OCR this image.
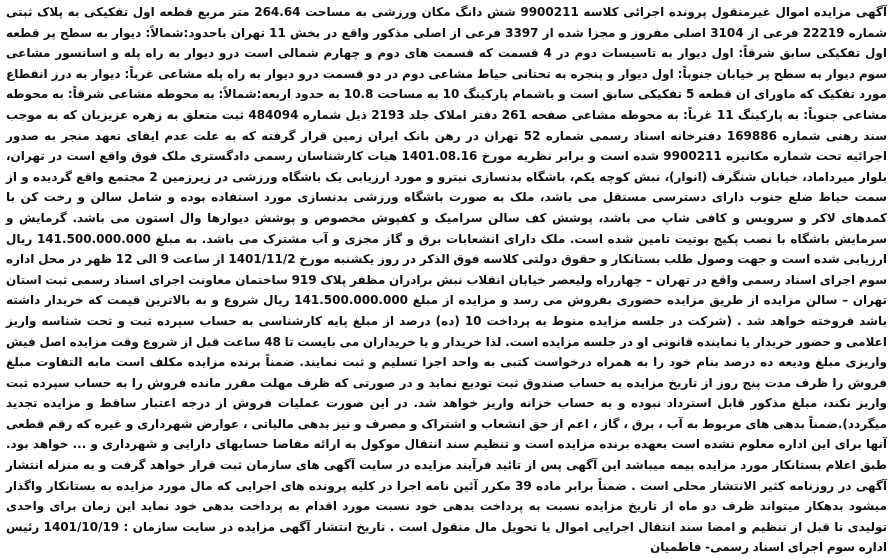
آگهی مزایده اموال غیرمنقول پرونده اجرائی کلاسه 9900211 شش دانگ مکان ورزشی به مساحت 264.64 متر مربع قطعه اول تفکیکی به پلاک ثبتی شماره 22219 فرعی از 3104 اصلی مفروز و مجزا شده از 3397 فرعی از اصلی مذکور واقع در بخش 11 تهران باحدود:شمالاً: دیوار به سطح پر قطعه اول تفکیکی سابق شرقاً: اول دیوار به تاسیسات دوم در 4 قسمت که قسمت های دوم و چهارم شمالی است درو دیوار به راه پله و اسانسور مشاعی سوم دیوار به سطح پر خیابان جنوباً: اول دیوار و پنجره به تحتانی حیاط مشاعی دوم در دو قسمت درو دیوار به راه پله مشاعی غرباً: دیوار به درز انقطاع مورد تفکیک که ماورای ان قطعه 5 تفکیکی سابق است و باشمام پارکینگ 10 به مساحت 10.8 به حدود اربعه:شمالاً: به محوطه مشاعی شرقاً: به محوطه مشاعی جنوباً: به پارکینگ 11 غرباً: به محوطه مشاعی صفحه 261 دفتر املاک جلد 2193 ذیل شماره 484094 ثبت متعلق به زهره عزیزیان که به موجب سند رهنی شماره 169886 دفترخانه اسناد رسمی شماره 52 تهران در رهن بانک ایران زمین قرار گرفته که به علت عدم ایفای تعهد منجر به صدور اجرائیه تحت شماره مکانیزه 9900211 شده است و برابر نظریه مورخ 1401.08.16 هیات کارشناسان رسمی دادگستری ملک فوق واقع است در تهران، بلوار میرداماد، خیابان شنگرف (انوار)، نبش کوچه یکم، باشگاه بدنسازی نیترو و مورد ارزیابی یک باشگاه ورزشی در زیرزمین 2 مجتمع واقع گردیده و از سمت حیاط ضلع جنوب دارای دسترسی مستقل می باشد، ملک به صورت باشگاه ورزشی بدنسازی مورد استفاده بوده و شامل سالن و رخت کن با کمدهای لاکر و سرویس و کافی شاپ می باشد، پوشش کف سالن سرامیک و کفپوش مخصوص و پوشش دیوارها وال استون می باشد. گرمایش و سرمایش باشگاه با نصب پکیج بوتیت تامین شده است. ملک دارای انشعابات برق و گاز مجزی و آب مشترک می باشد. به مبلغ 141.500.000.000 ریال ارزیابی شده است و جهت وصول طلب بستانکار و حقوق دولتی کلاسه فوق الذکر در روز یکشنبه مورخ 1401/11/2 از ساعت 9 الی 12 ظهر در محل اداره سوم اجرای اسناد رسمی واقع در تهران – چهارراه ولیعصر خیابان انقلاب نبش برادران مظفر پلاک 919 ساختمان معاونت اجرای اسناد رسمی ثبت استان تهران – سالن مزایده از طریق مزایده حضوری بفروش می رسد و مزایده از مبلغ 141.500.000.000 ریال شروع و به بالاترین قیمت که خریدار داشته باشد فروخته خواهد شد . (شرکت در جلسه مزایده منوط به پرداخت 10 (ده) درصد از مبلغ پایه کارشناسی به حساب سپرده ثبت و تحت شناسه واریز اعلامی و حضور خریدار یا نماینده قانونی او در جلسه مزایده است. لذا خریدار و یا خریداران می بایست تا 48 ساعت قبل از شروع وقت مزایده اصل فیش واریزی مبلغ ودیعه ده درصد بنام خود را به همراه درخواست کتبی به واحد اجرا تسلیم و ثبت نمایند. ضمناً برنده مزایده مکلف است مابه التفاوت مبلغ فروش را ظرف مدت پنج روز از تاریخ مزایده به حساب صندوق ثبت تودیع نماید و در صورتی که ظرف مهلت مقرر مانده فروش را به حساب سپرده ثبت واریز نکند، مبلغ مذکور قابل استرداد نبوده و به حساب خزانه واریز خواهد شد. در این صورت عملیات فروش از درجه اعتبار ساقط و مزایده تجدید میگردد).ضمناً بدهی های مربوط به آب ، برق ، گاز ، اعم از حق انشعاب و اشتراک و مصرف و نیز بدهی مالیاتی ، عوارض شهرداری و غیره که رقم قطعی آنها برای این اداره معلوم نشده است بعهده برنده مزایده است و تنظیم سند انتقال موکول به ارائه مفاصا حسابهای دارایی و شهرداری و ... خواهد بود. طبق اعلام بستانکار مورد مزایده بیمه میباشد این آگهی پس از تائید فرآیند مزایده در سایت آگهی های سازمان ثبت قرار خواهد گرفت و به منزله انتشار آگهی در روزنامه کثیر الانتشار محلی است . ضمناً برابر ماده 39 مکرر آئین نامه اجرا در کلیه پرونده های اجرایی که مال مورد مزایده به بستانکار واگذار میشود بدهکار میتواند ظرف دو ماه از تاریخ مزایده نسبت به پرداخت بدهی خود نسبت مورد اقدام به پرداخت بدهی خود نماید این زمان برای واحدی تولیدی تا قبل از تنظیم و امضا سند انتقال اجرایی اموال یا تحویل مال منقول است . تاریخ انتشار آگهی مزایده در سایت سازمان : 1401/10/19 رئیس اداره سوم اجرای اسناد رسمی- فاطمیان
